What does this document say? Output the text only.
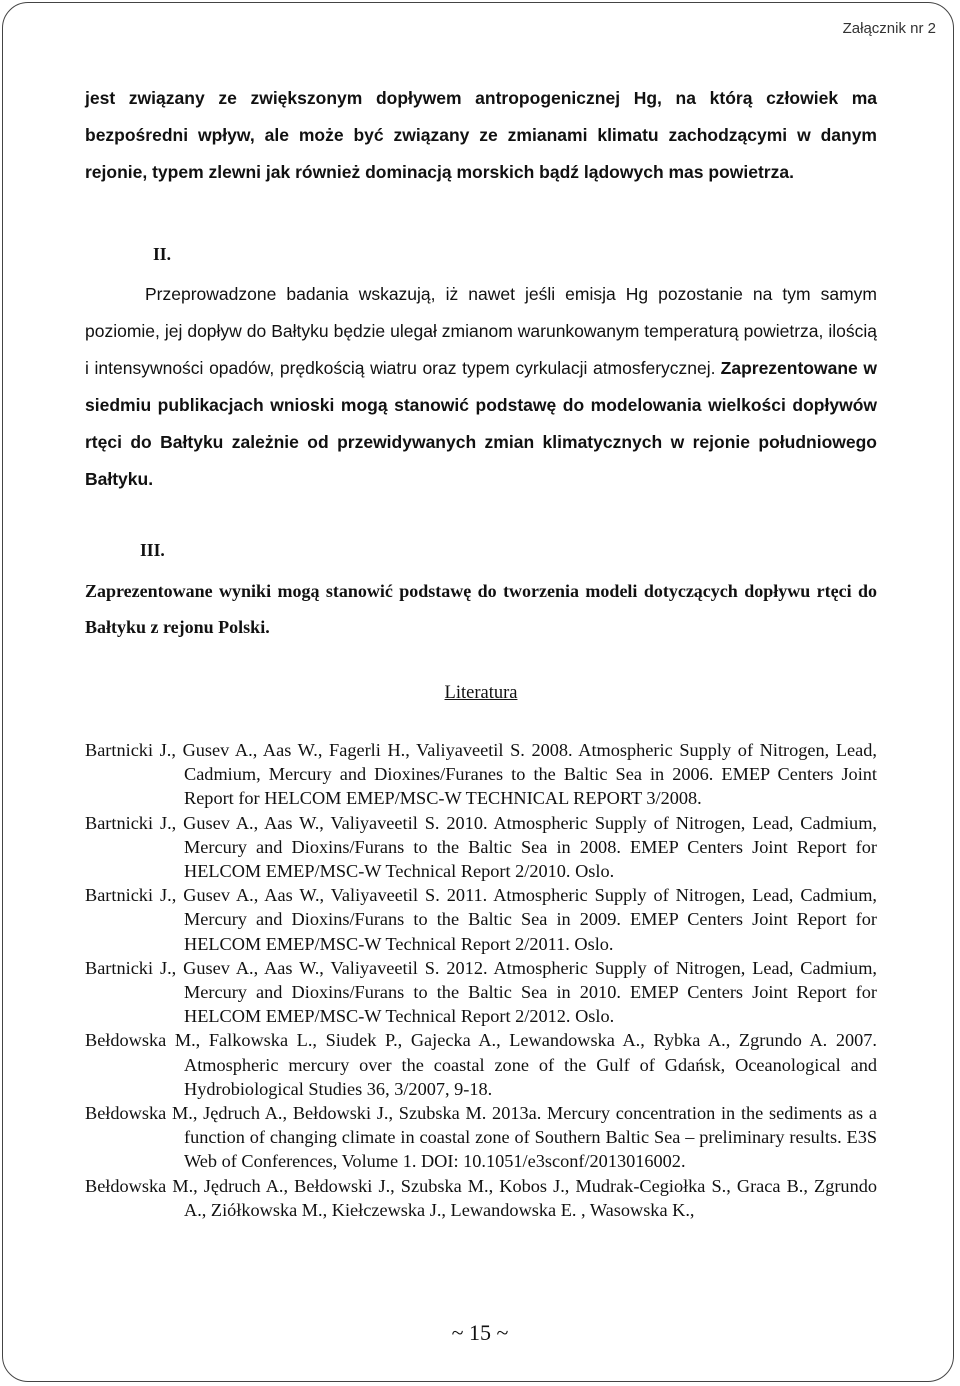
Załącznik nr 2

jest związany ze zwiększonym dopływem antropogenicznej Hg, na którą człowiek ma bezpośredni wpływ, ale może być związany ze zmianami klimatu zachodzącymi w danym rejonie, typem zlewni jak również dominacją morskich bądź lądowych mas powietrza.

II.

Przeprowadzone badania wskazują, iż nawet jeśli emisja Hg pozostanie na tym samym poziomie, jej dopływ do Bałtyku będzie ulegał zmianom warunkowanym temperaturą powietrza, ilością i intensywności opadów, prędkością wiatru oraz typem cyrkulacji atmosferycznej. Zaprezentowane w siedmiu publikacjach wnioski mogą stanowić podstawę do modelowania wielkości dopływów rtęci do Bałtyku zależnie od przewidywanych zmian klimatycznych w rejonie południowego Bałtyku.

III.

Zaprezentowane wyniki mogą stanowić podstawę do tworzenia modeli dotyczących dopływu rtęci do Bałtyku z rejonu Polski.

Literatura
Bartnicki J., Gusev A., Aas W., Fagerli H., Valiyaveetil S. 2008. Atmospheric Supply of Nitrogen, Lead, Cadmium, Mercury and Dioxines/Furanes to the Baltic Sea in 2006. EMEP Centers Joint Report for HELCOM EMEP/MSC-W TECHNICAL REPORT 3/2008.
Bartnicki J., Gusev A., Aas W., Valiyaveetil S. 2010. Atmospheric Supply of Nitrogen, Lead, Cadmium, Mercury and Dioxins/Furans to the Baltic Sea in 2008. EMEP Centers Joint Report for HELCOM EMEP/MSC-W Technical Report 2/2010. Oslo.
Bartnicki J., Gusev A., Aas W., Valiyaveetil S. 2011. Atmospheric Supply of Nitrogen, Lead, Cadmium, Mercury and Dioxins/Furans to the Baltic Sea in 2009. EMEP Centers Joint Report for HELCOM EMEP/MSC-W Technical Report 2/2011. Oslo.
Bartnicki J., Gusev A., Aas W., Valiyaveetil S. 2012. Atmospheric Supply of Nitrogen, Lead, Cadmium, Mercury and Dioxins/Furans to the Baltic Sea in 2010. EMEP Centers Joint Report for HELCOM EMEP/MSC-W Technical Report 2/2012. Oslo.
Bełdowska M., Falkowska L., Siudek P., Gajecka A., Lewandowska A., Rybka A., Zgrundo A. 2007. Atmospheric mercury over the coastal zone of the Gulf of Gdańsk, Oceanological and Hydrobiological Studies 36, 3/2007, 9-18.
Bełdowska M., Jędruch A., Bełdowski J., Szubska M. 2013a. Mercury concentration in the sediments as a function of changing climate in coastal zone of Southern Baltic Sea – preliminary results. E3S Web of Conferences, Volume 1. DOI: 10.1051/e3sconf/2013016002.
Bełdowska M., Jędruch A., Bełdowski J., Szubska M., Kobos J., Mudrak-Cegiołka S., Graca B., Zgrundo A., Ziółkowska M., Kiełczewska J., Lewandowska E. , Wasowska K.,
~ 15 ~
